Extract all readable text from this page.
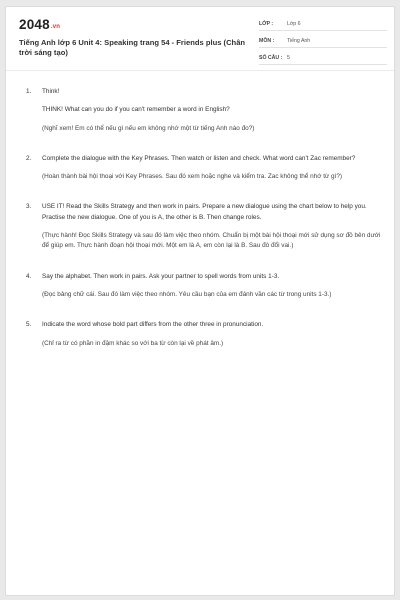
2048.vn
Tiếng Anh lớp 6 Unit 4: Speaking trang 54 - Friends plus (Chân trời sáng tạo)
LỚP :	Lớp 6
MÔN :	Tiếng Anh
SỐ CÂU : 5
1.	Think!

THINK! What can you do if you can't remember a word in English?

(Nghĩ xem! Em có thể nếu gì nếu em không nhớ một từ tiếng Anh nào đo?)

2.	Complete the dialogue with the Key Phrases. Then watch or listen and check. What word can't Zac remember?

(Hoàn thành bài hội thoại với Key Phrases. Sau đó xem hoặc nghe và kiểm tra. Zac không thể nhớ từ gì?)

3.	USE IT! Read the Skills Strategy and then work in pairs. Prepare a new dialogue using the chart below to help you. Practise the new dialogue. One of you is A, the other is B. Then change roles.

(Thực hành! Đọc Skills Strategy và sau đó làm việc theo nhóm. Chuẩn bị một bài hội thoại mới sử dụng sơ đồ bên dưới để giúp em. Thực hành đoạn hội thoại mới. Một em là A, em còn lại là B. Sau đó đổi vai.)

4.	Say the alphabet. Then work in pairs. Ask your partner to spell words from units 1-3.

(Đọc bảng chữ cái. Sau đó làm việc theo nhóm. Yêu cầu bạn của em đánh vần các từ trong units 1-3.)

5.	Indicate the word whose bold part differs from the other three in pronunciation.

(Chỉ ra từ có phần in đậm khác so với ba từ còn lại về phát âm.)
